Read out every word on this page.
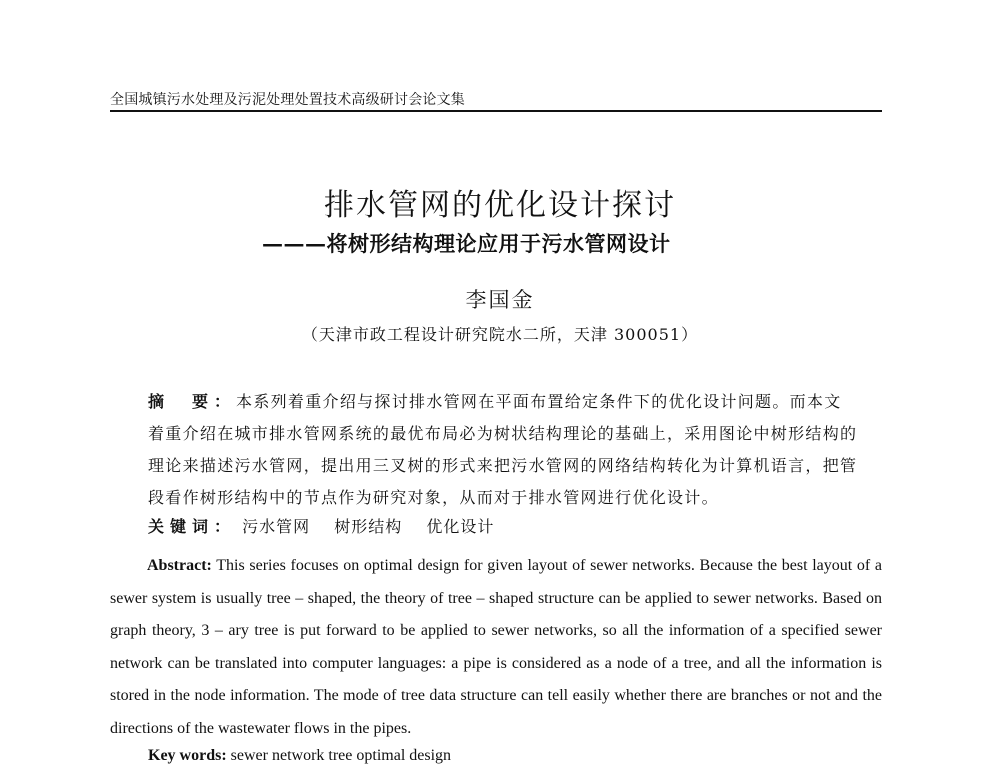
全国城镇污水处理及污泥处理处置技术高级研讨会论文集
排水管网的优化设计探讨
———将树形结构理论应用于污水管网设计
李国金
（天津市政工程设计研究院水二所，天津 300051）
摘　要：本系列着重介绍与探讨排水管网在平面布置给定条件下的优化设计问题。而本文着重介绍在城市排水管网系统的最优布局必为树状结构理论的基础上，采用图论中树形结构的理论来描述污水管网，提出用三叉树的形式来把污水管网的网络结构转化为计算机语言，把管段看作树形结构中的节点作为研究对象，从而对于排水管网进行优化设计。
关键词： 污水管网 树形结构 优化设计
Abstract: This series focuses on optimal design for given layout of sewer networks. Because the best layout of a sewer system is usually tree – shaped, the theory of tree – shaped structure can be applied to sewer networks. Based on graph theory, 3 – ary tree is put forward to be applied to sewer networks, so all the information of a specified sewer network can be translated into computer languages: a pipe is considered as a node of a tree, and all the information is stored in the node information. The mode of tree data structure can tell easily whether there are branches or not and the directions of the wastewater flows in the pipes.
Key words: sewer network tree optimal design
